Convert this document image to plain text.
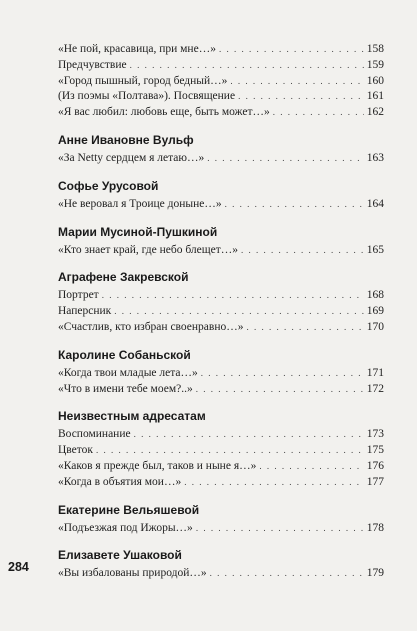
«Не пой, красавица, при мне…» . . .	158
Предчувствие . . .	159
«Город пышный, город бедный…» . . .	160
(Из поэмы «Полтава»). Посвящение . . .	161
«Я вас любил: любовь еще, быть может…» . . .	162
Анне Ивановне Вульф
«За Netty сердцем я летаю…» . . .	163
Софье Урусовой
«Не веровал я Троице доныне…» . . .	164
Марии Мусиной-Пушкиной
«Кто знает край, где небо блещет…» . . .	165
Аграфене Закревской
Портрет . . .	168
Наперсник . . .	169
«Счастлив, кто избран своенравно…» . . .	170
Каролине Собаньской
«Когда твои младые лета…» . . .	171
«Что в имени тебе моем?..» . . .	172
Неизвестным адресатам
Воспоминание . . .	173
Цветок . . .	175
«Каков я прежде был, таков и ныне я…» . . .	176
«Когда в объятия мои…» . . .	177
Екатерине Вельяшевой
«Подъезжая под Ижоры…» . . .	178
Елизавете Ушаковой
«Вы избалованы природой…» . . .	179
284
